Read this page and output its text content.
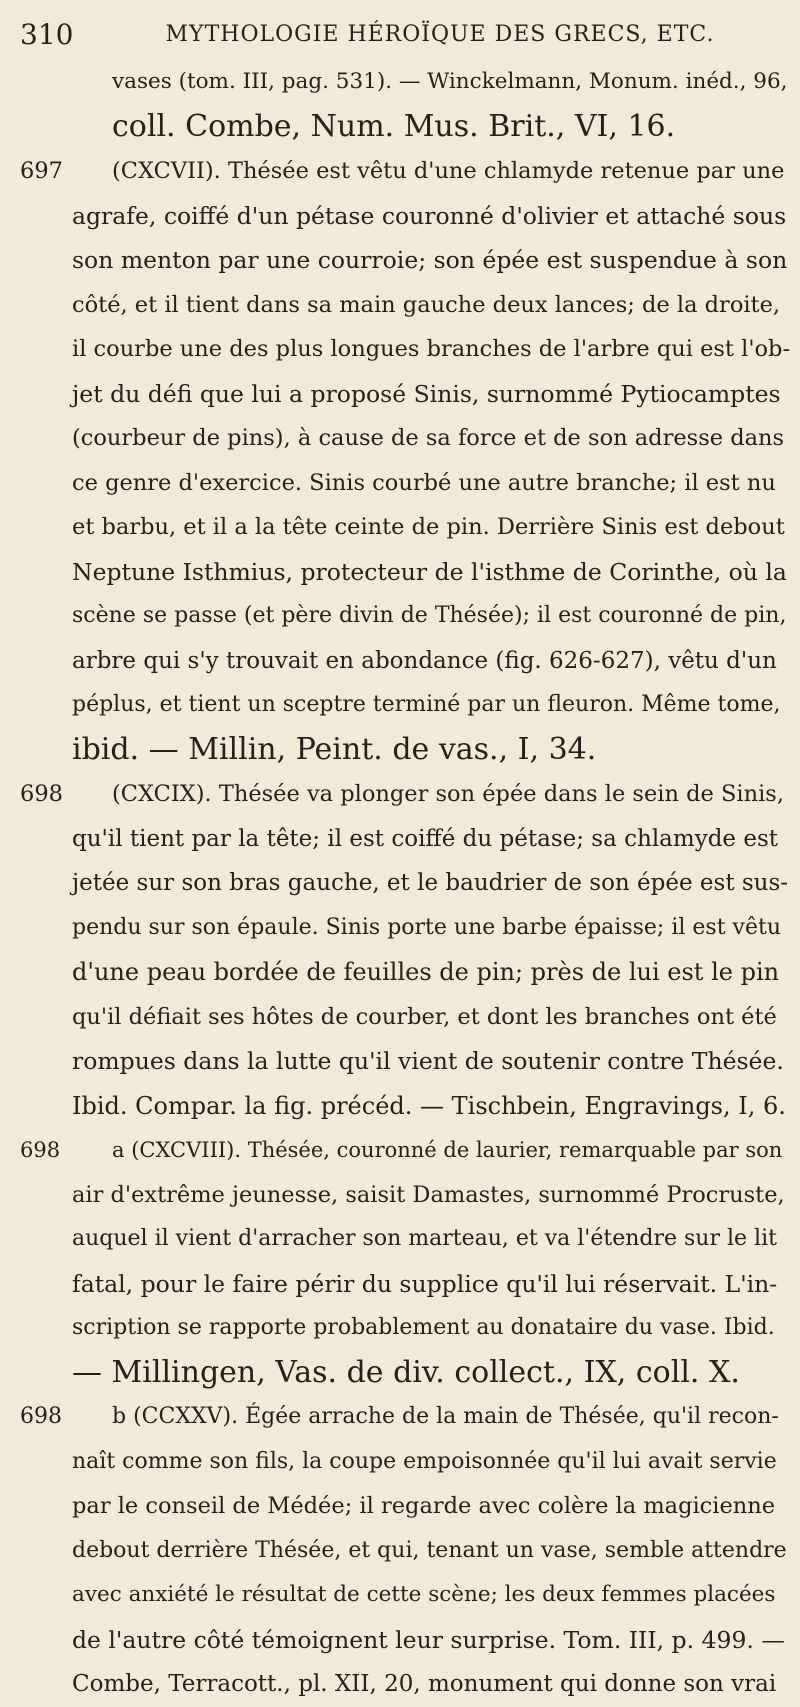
310	MYTHOLOGIE HÉROÏQUE DES GRECS, ETC.
vases (tom. III, pag. 531). — Winckelmann, Monum. inéd., 96,
coll. Combe, Num. Mus. Brit., VI, 16.
697 (CXCVII). Thésée est vêtu d'une chlamyde retenue par une
agrafe, coiffé d'un pétase couronné d'olivier et attaché sous
son menton par une courroie; son épée est suspendue à son
côté, et il tient dans sa main gauche deux lances; de la droite,
il courbe une des plus longues branches de l'arbre qui est l'ob-
jet du défi que lui a proposé Sinis, surnommé Pytiocamptes
(courbeur de pins), à cause de sa force et de son adresse dans
ce genre d'exercice. Sinis courbé une autre branche; il est nu
et barbu, et il a la tête ceinte de pin. Derrière Sinis est debout
Neptune Isthmius, protecteur de l'isthme de Corinthe, où la
scène se passe (et père divin de Thésée); il est couronné de pin,
arbre qui s'y trouvait en abondance (fig. 626-627), vêtu d'un
péplus, et tient un sceptre terminé par un fleuron. Même tome,
ibid. — Millin, Peint. de vas., I, 34.
698 (CXCIX). Thésée va plonger son épée dans le sein de Sinis,
qu'il tient par la tête; il est coiffé du pétase; sa chlamyde est
jetée sur son bras gauche, et le baudrier de son épée est sus-
pendu sur son épaule. Sinis porte une barbe épaisse; il est vêtu
d'une peau bordée de feuilles de pin; près de lui est le pin
qu'il défiait ses hôtes de courber, et dont les branches ont été
rompues dans la lutte qu'il vient de soutenir contre Thésée.
Ibid. Compar. la fig. précéd. — Tischbein, Engravings, I, 6.
698 a (CXCVIII). Thésée, couronné de laurier, remarquable par son
air d'extrême jeunesse, saisit Damastes, surnommé Procruste,
auquel il vient d'arracher son marteau, et va l'étendre sur le lit
fatal, pour le faire périr du supplice qu'il lui réservait. L'in-
scription se rapporte probablement au donataire du vase. Ibid.
— Millingen, Vas. de div. collect., IX, coll. X.
698 b (CCXXV). Égée arrache de la main de Thésée, qu'il recon-
naît comme son fils, la coupe empoisonnée qu'il lui avait servie
par le conseil de Médée; il regarde avec colère la magicienne
debout derrière Thésée, et qui, tenant un vase, semble attendre
avec anxiété le résultat de cette scène; les deux femmes placées
de l'autre côté témoignent leur surprise. Tom. III, p. 499. —
Combe, Terracott., pl. XII, 20, monument qui donne son vrai
